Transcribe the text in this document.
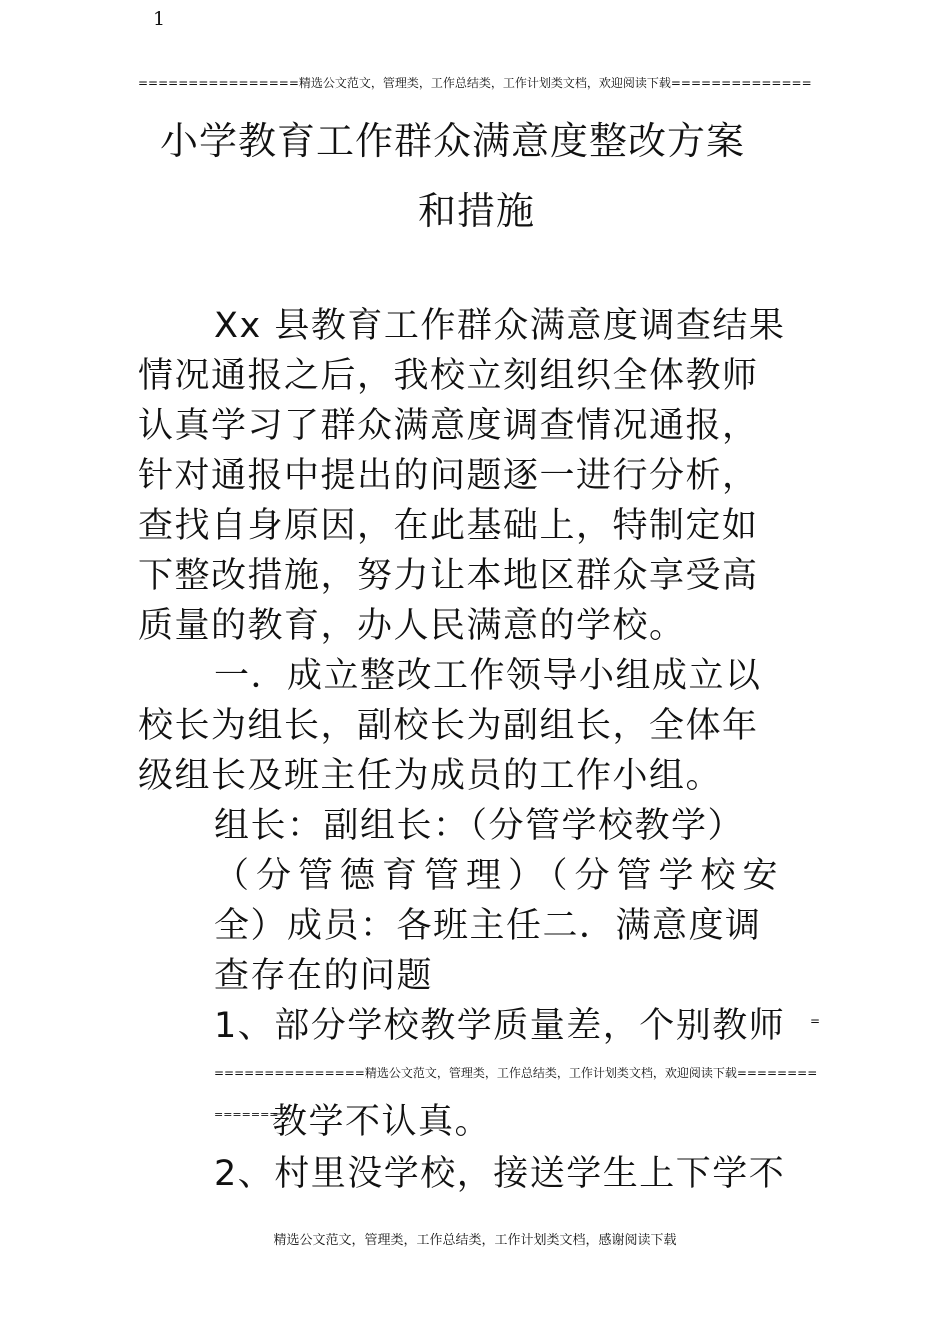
1
================精选公文范文，管理类，工作总结类，工作计划类文档，欢迎阅读下载==============
小学教育工作群众满意度整改方案
和措施
Xx 县教育工作群众满意度调查结果
情况通报之后，我校立刻组织全体教师
认真学习了群众满意度调查情况通报，
针对通报中提出的问题逐一进行分析，
查找自身原因，在此基础上，特制定如
下整改措施，努力让本地区群众享受高
质量的教育，办人民满意的学校。
一．成立整改工作领导小组成立以
校长为组长，副校长为副组长，全体年
级组长及班主任为成员的工作小组。
组长：副组长：（分管学校教学）
（分管德育管理）（分管学校安
全）成员：各班主任二．满意度调
查存在的问题
1、部分学校教学质量差，个别教师 =
===============精选公文范文，管理类，工作总结类，工作计划类文档，欢迎阅读下载========
=======
教学不认真。
2、村里没学校，接送学生上下学不
精选公文范文，管理类，工作总结类，工作计划类文档，感谢阅读下载
